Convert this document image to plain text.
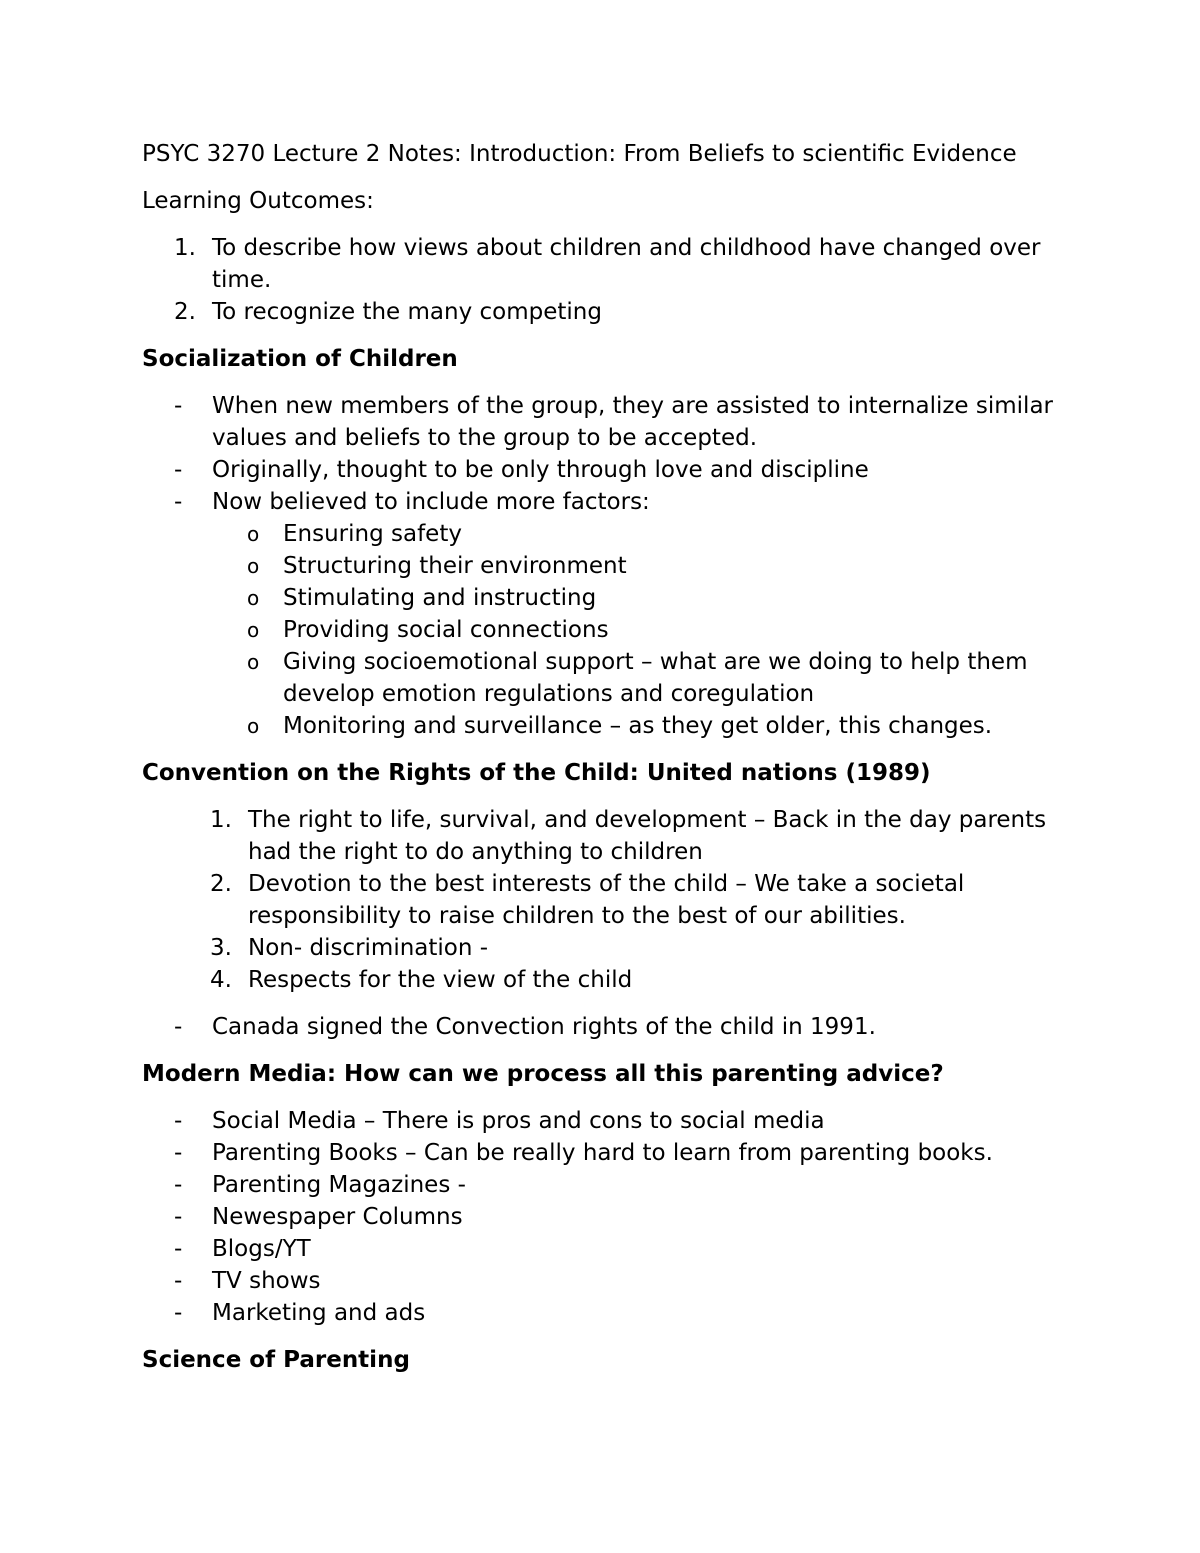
PSYC 3270 Lecture 2 Notes: Introduction: From Beliefs to scientific Evidence

Learning Outcomes:

1. To describe how views about children and childhood have changed over time.
2. To recognize the many competing

Socialization of Children

- When new members of the group, they are assisted to internalize similar values and beliefs to the group to be accepted.
- Originally, thought to be only through love and discipline
- Now believed to include more factors:
o Ensuring safety
o Structuring their environment
o Stimulating and instructing
o Providing social connections
o Giving socioemotional support – what are we doing to help them develop emotion regulations and coregulation
o Monitoring and surveillance – as they get older, this changes.

Convention on the Rights of the Child: United nations (1989)

1. The right to life, survival, and development – Back in the day parents had the right to do anything to children
2. Devotion to the best interests of the child – We take a societal responsibility to raise children to the best of our abilities.
3. Non- discrimination -
4. Respects for the view of the child
- Canada signed the Convection rights of the child in 1991.

Modern Media: How can we process all this parenting advice?

- Social Media – There is pros and cons to social media
- Parenting Books – Can be really hard to learn from parenting books.
- Parenting Magazines -
- Newespaper Columns
- Blogs/YT
- TV shows
- Marketing and ads

Science of Parenting
